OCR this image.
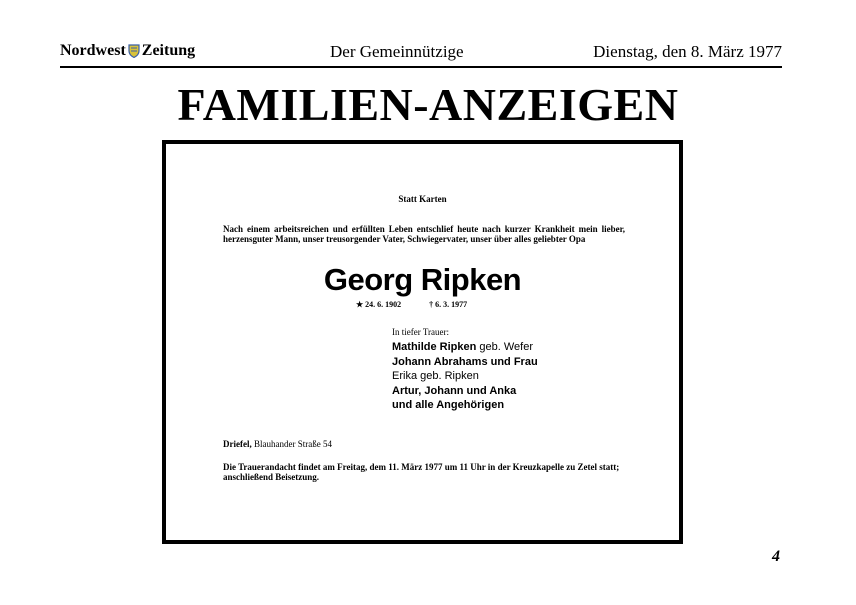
Nordwest Zeitung	Der Gemeinnützige	Dienstag, den 8. März 1977
FAMILIEN-ANZEIGEN
Statt Karten
Nach einem arbeitsreichen und erfüllten Leben entschlief heute nach kurzer Krankheit mein lieber, herzensguter Mann, unser treusorgender Vater, Schwiegervater, unser über alles geliebter Opa
Georg Ripken
★ 24. 6. 1902	† 6. 3. 1977
In tiefer Trauer:
Mathilde Ripken geb. Wefer
Johann Abrahams und Frau
Erika geb. Ripken
Artur, Johann und Anka
und alle Angehörigen
Driefel, Blauhander Straße 54
Die Trauerandacht findet am Freitag, dem 11. März 1977 um 11 Uhr in der Kreuzkapelle zu Zetel statt; anschließend Beisetzung.
4
